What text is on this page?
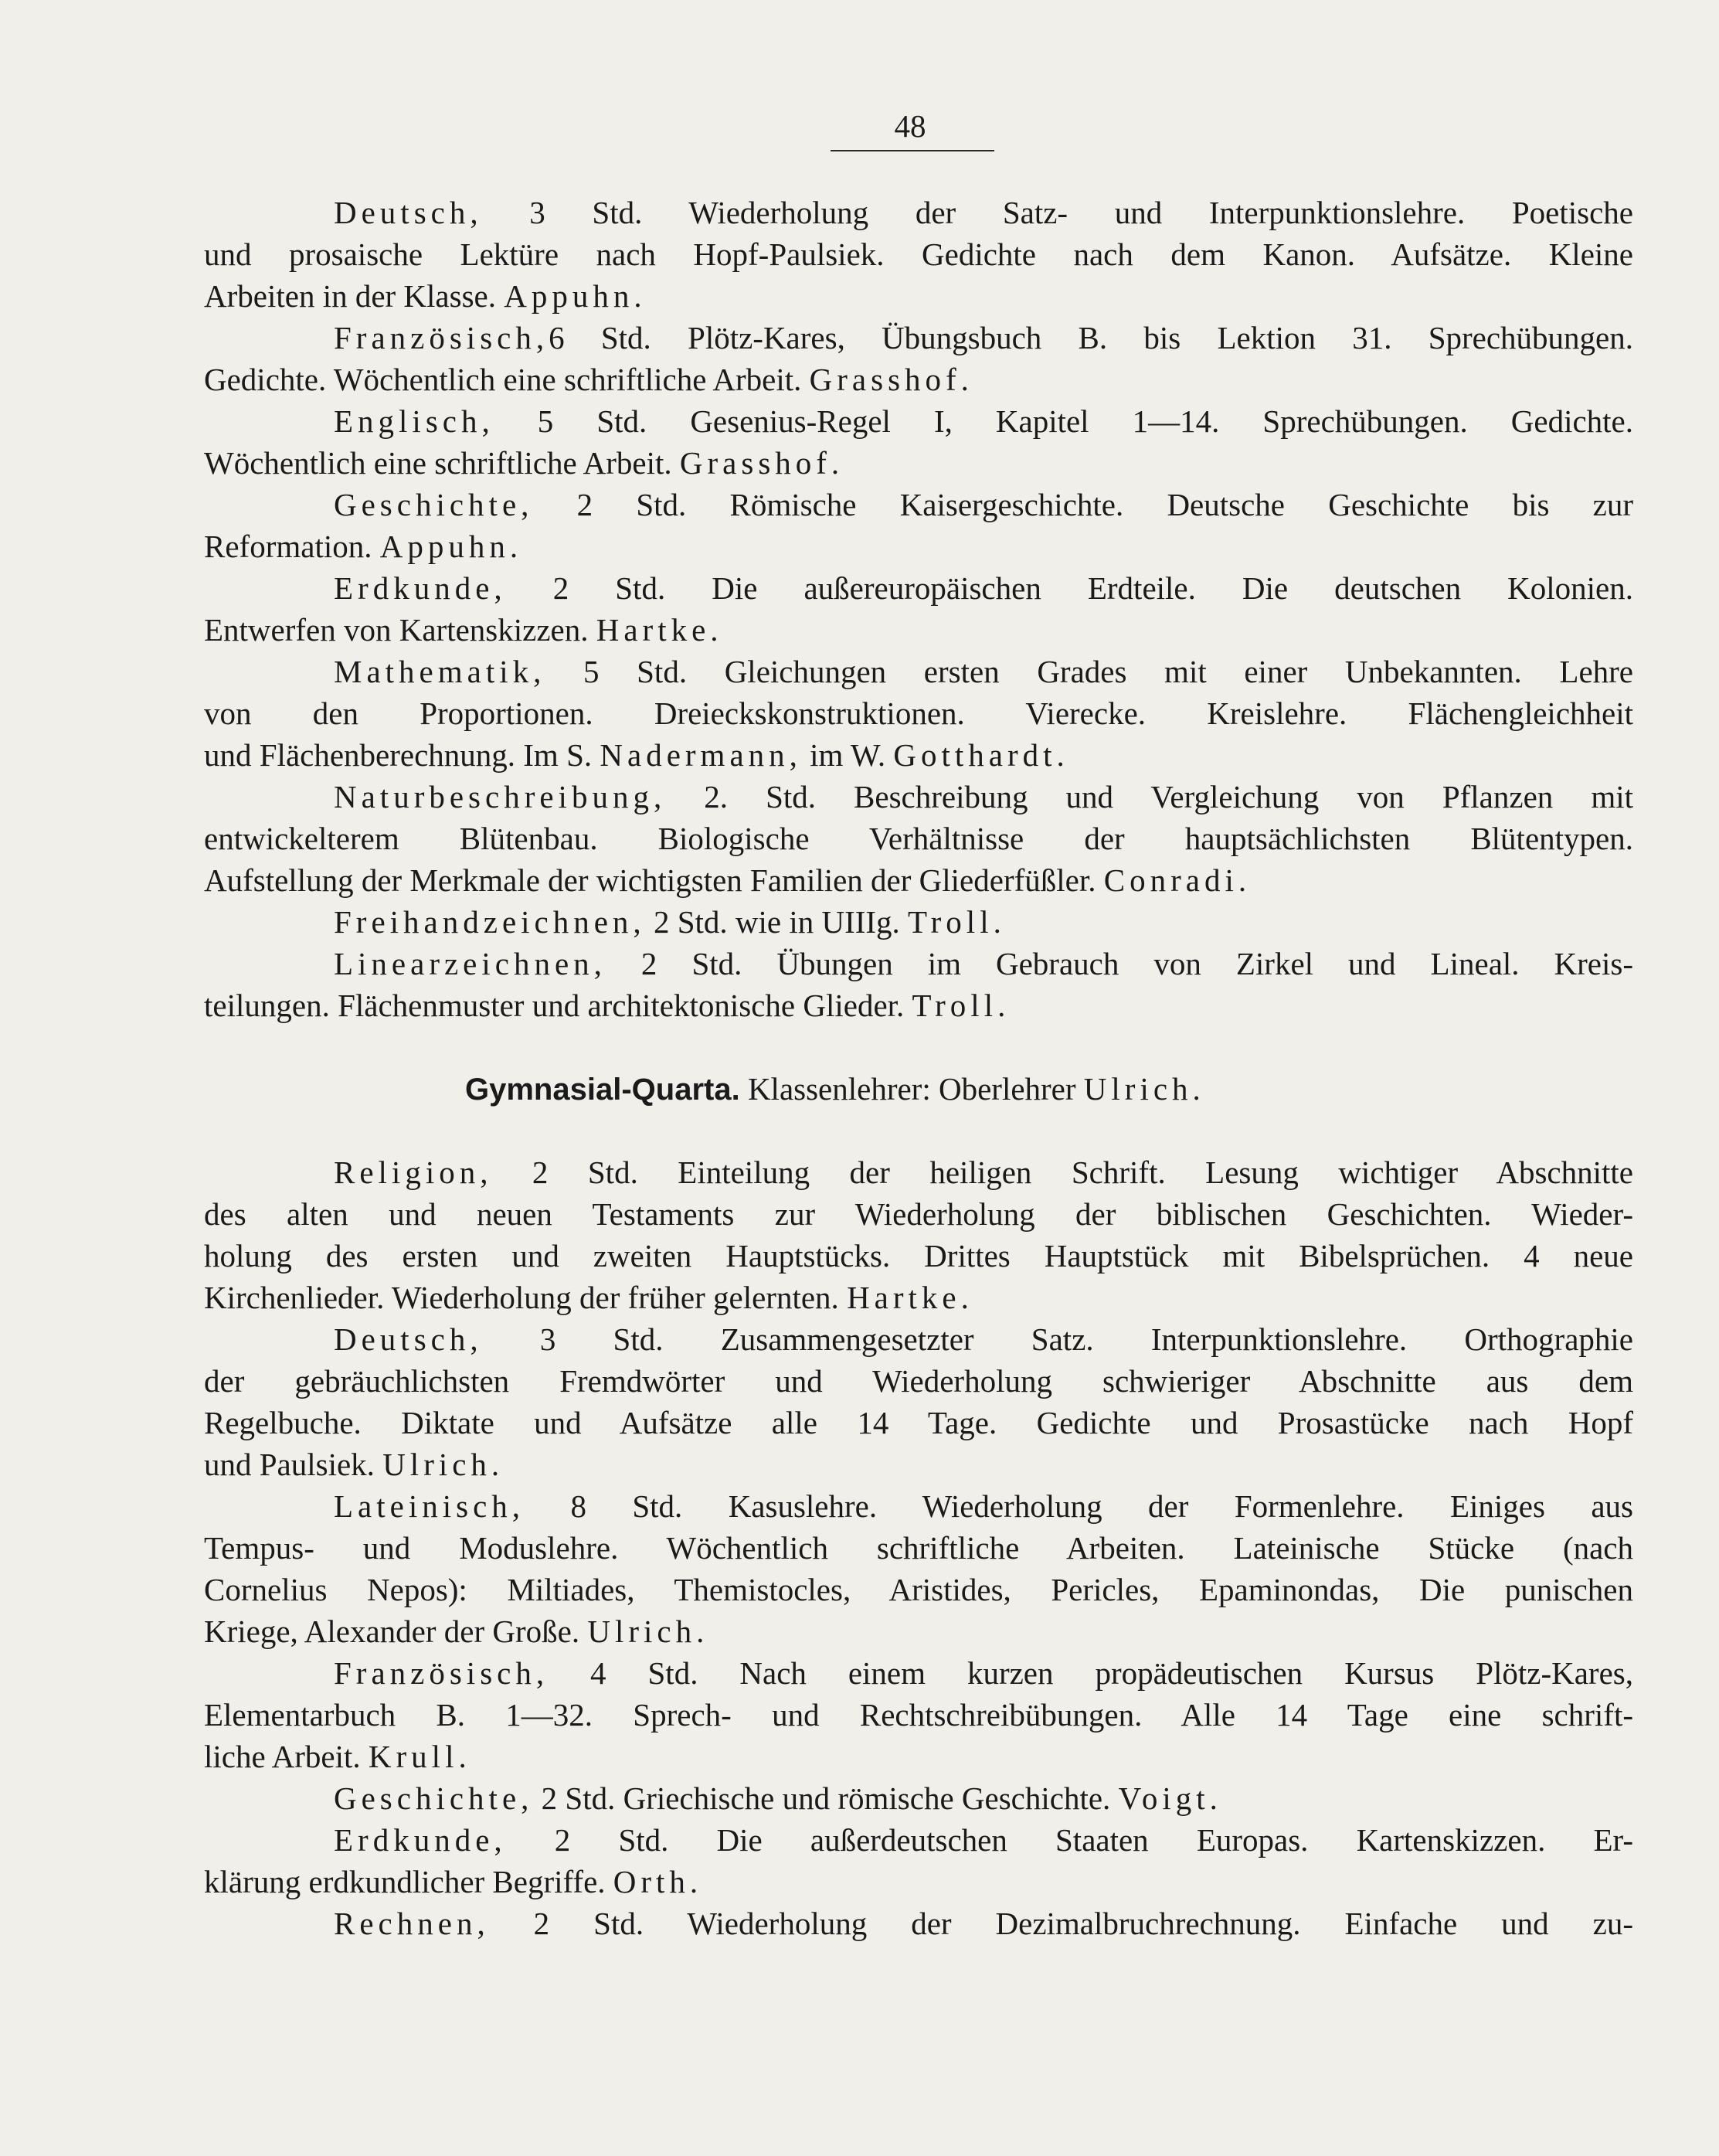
48
Deutsch, 3 Std. Wiederholung der Satz- und Interpunktionslehre. Poetische
und prosaische Lektüre nach Hopf-Paulsiek. Gedichte nach dem Kanon. Aufsätze. Kleine
Arbeiten in der Klasse. Appuhn.
Französisch,6 Std. Plötz-Kares, Übungsbuch B. bis Lektion 31. Sprechübungen.
Gedichte. Wöchentlich eine schriftliche Arbeit. Grasshof.
Englisch, 5 Std. Gesenius-Regel I, Kapitel 1—14. Sprechübungen. Gedichte.
Wöchentlich eine schriftliche Arbeit. Grasshof.
Geschichte, 2 Std. Römische Kaisergeschichte. Deutsche Geschichte bis zur
Reformation. Appuhn.
Erdkunde, 2 Std. Die außereuropäischen Erdteile. Die deutschen Kolonien.
Entwerfen von Kartenskizzen. Hartke.
Mathematik, 5 Std. Gleichungen ersten Grades mit einer Unbekannten. Lehre
von den Proportionen. Dreieckskonstruktionen. Vierecke. Kreislehre. Flächengleichheit
und Flächenberechnung. Im S. Nadermann, im W. Gotthardt.
Naturbeschreibung, 2. Std. Beschreibung und Vergleichung von Pflanzen mit
entwickelterem Blütenbau. Biologische Verhältnisse der hauptsächlichsten Blütentypen.
Aufstellung der Merkmale der wichtigsten Familien der Gliederfüßler. Conradi.
Freihandzeichnen, 2 Std. wie in UIIIg. Troll.
Linearzeichnen, 2 Std. Übungen im Gebrauch von Zirkel und Lineal. Kreis-
teilungen. Flächenmuster und architektonische Glieder. Troll.
Gymnasial-Quarta. Klassenlehrer: Oberlehrer Ulrich.
Religion, 2 Std. Einteilung der heiligen Schrift. Lesung wichtiger Abschnitte
des alten und neuen Testaments zur Wiederholung der biblischen Geschichten. Wieder-
holung des ersten und zweiten Hauptstücks. Drittes Hauptstück mit Bibelsprüchen. 4 neue
Kirchenlieder. Wiederholung der früher gelernten. Hartke.
Deutsch, 3 Std. Zusammengesetzter Satz. Interpunktionslehre. Orthographie
der gebräuchlichsten Fremdwörter und Wiederholung schwieriger Abschnitte aus dem
Regelbuche. Diktate und Aufsätze alle 14 Tage. Gedichte und Prosastücke nach Hopf
und Paulsiek. Ulrich.
Lateinisch, 8 Std. Kasuslehre. Wiederholung der Formenlehre. Einiges aus
Tempus- und Moduslehre. Wöchentlich schriftliche Arbeiten. Lateinische Stücke (nach
Cornelius Nepos): Miltiades, Themistocles, Aristides, Pericles, Epaminondas, Die punischen
Kriege, Alexander der Große. Ulrich.
Französisch, 4 Std. Nach einem kurzen propädeutischen Kursus Plötz-Kares,
Elementarbuch B. 1—32. Sprech- und Rechtschreibübungen. Alle 14 Tage eine schrift-
liche Arbeit. Krull.
Geschichte, 2 Std. Griechische und römische Geschichte. Voigt.
Erdkunde, 2 Std. Die außerdeutschen Staaten Europas. Kartenskizzen. Er-
klärung erdkundlicher Begriffe. Orth.
Rechnen, 2 Std. Wiederholung der Dezimalbruchrechnung. Einfache und zu-
